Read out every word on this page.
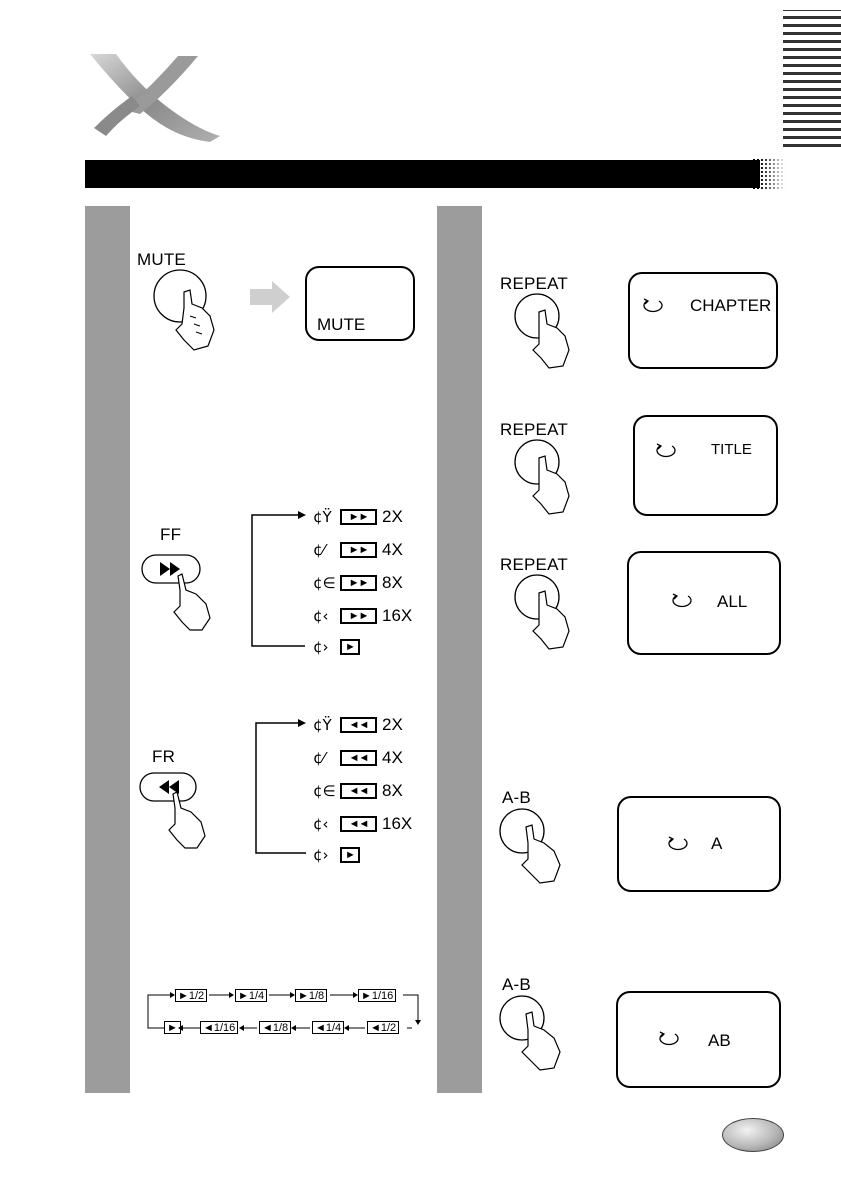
MUTE
MUTE
FF
¢Ÿ	►► 2X
¢⁄	►► 4X
¢∈	►► 8X
¢‹	►► 16X
¢›	►
FR
¢Ÿ	◄◄ 2X
¢⁄	◄◄ 4X
¢∈	◄◄ 8X
¢‹	◄◄ 16X
¢›	►
►1/2	►1/4	►1/8	►1/16
► ◄1/16 ◄1/8 ◄1/4	◄1/2
REPEAT
CHAPTER
REPEAT
TITLE
REPEAT
ALL
A-B
A
A-B
AB
